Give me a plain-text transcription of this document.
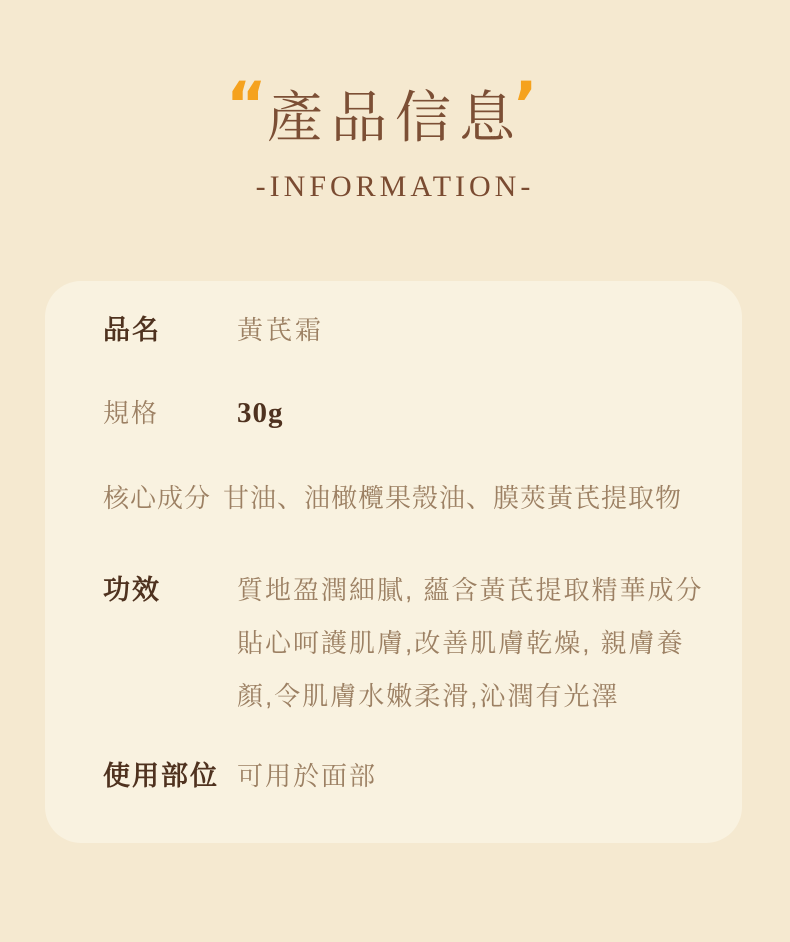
“ 產品信息
’
-INFORMATION-
品名	黃芪霜
規格	30g
核心成分 甘油、油橄欖果殼油、膜莢黃芪提取物
功效	質地盈潤細膩, 蘊含黃芪提取精華成分
貼心呵護肌膚,改善肌膚乾燥, 親膚養
顏,令肌膚水嫩柔滑,沁潤有光澤
使用部位 可用於面部
